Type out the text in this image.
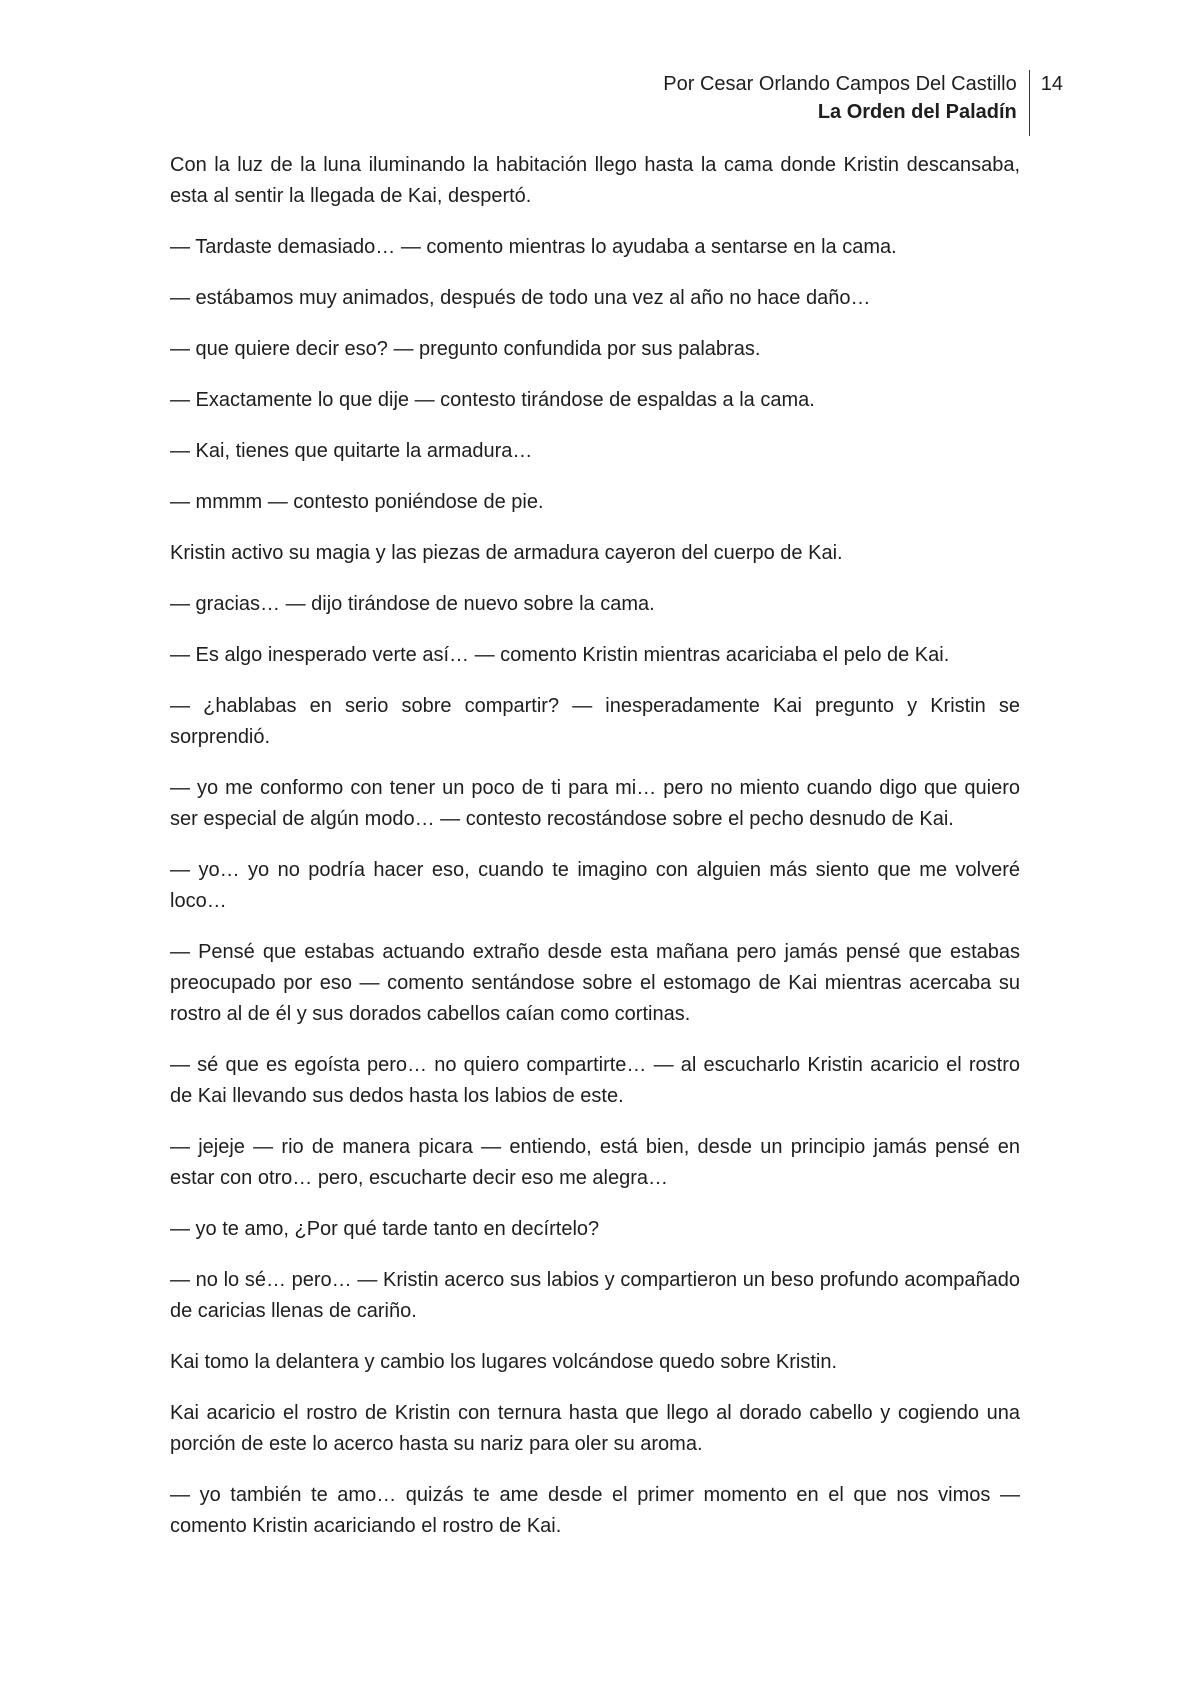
Por Cesar Orlando Campos Del Castillo
La Orden del Paladín
14

Con la luz de la luna iluminando la habitación llego hasta la cama donde Kristin descansaba, esta al sentir la llegada de Kai, despertó.

— Tardaste demasiado… — comento mientras lo ayudaba a sentarse en la cama.

— estábamos muy animados, después de todo una vez al año no hace daño…

— que quiere decir eso? — pregunto confundida por sus palabras.

— Exactamente lo que dije — contesto tirándose de espaldas a la cama.

— Kai, tienes que quitarte la armadura…

— mmmm — contesto poniéndose de pie.

Kristin activo su magia y las piezas de armadura cayeron del cuerpo de Kai.

— gracias… — dijo tirándose de nuevo sobre la cama.

— Es algo inesperado verte así… — comento Kristin mientras acariciaba el pelo de Kai.

— ¿hablabas en serio sobre compartir? — inesperadamente Kai pregunto y Kristin se sorprendió.

— yo me conformo con tener un poco de ti para mi… pero no miento cuando digo que quiero ser especial de algún modo… — contesto recostándose sobre el pecho desnudo de Kai.

— yo… yo no podría hacer eso, cuando te imagino con alguien más siento que me volveré loco…

— Pensé que estabas actuando extraño desde esta mañana pero jamás pensé que estabas preocupado por eso — comento sentándose sobre el estomago de Kai mientras acercaba su rostro al de él y sus dorados cabellos caían como cortinas.

— sé que es egoísta pero… no quiero compartirte… — al escucharlo Kristin acaricio el rostro de Kai llevando sus dedos hasta los labios de este.

— jejeje — rio de manera picara — entiendo, está bien, desde un principio jamás pensé en estar con otro… pero, escucharte decir eso me alegra…

— yo te amo, ¿Por qué tarde tanto en decírtelo?

— no lo sé… pero… — Kristin acerco sus labios y compartieron un beso profundo acompañado de caricias llenas de cariño.

Kai tomo la delantera y cambio los lugares volcándose quedo sobre Kristin.

Kai acaricio el rostro de Kristin con ternura hasta que llego al dorado cabello y cogiendo una porción de este lo acerco hasta su nariz para oler su aroma.

— yo también te amo… quizás te ame desde el primer momento en el que nos vimos — comento Kristin acariciando el rostro de Kai.
